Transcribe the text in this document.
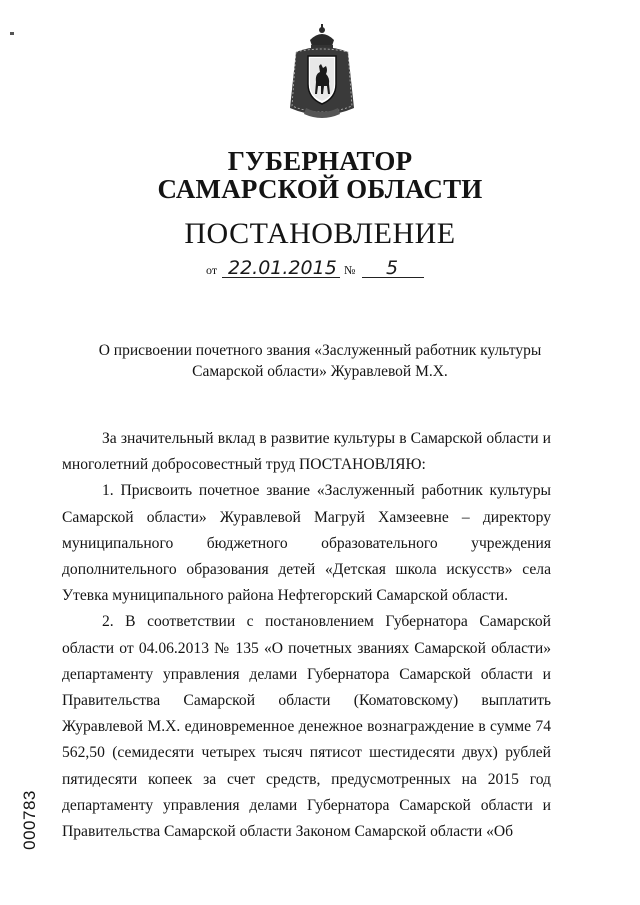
ГУБЕРНАТОР
САМАРСКОЙ ОБЛАСТИ
ПОСТАНОВЛЕНИЕ
от 22.01.2015 № 5
О присвоении почетного звания «Заслуженный работник культуры
Самарской области» Журавлевой М.Х.

За значительный вклад в развитие культуры в Самарской области и многолетний добросовестный труд ПОСТАНОВЛЯЮ:

1. Присвоить почетное звание «Заслуженный работник культуры Самарской области» Журавлевой Магруй Хамзеевне – директору муниципального бюджетного образовательного учреждения дополнительного образования детей «Детская школа искусств» села Утевка муниципального района Нефтегорский Самарской области.

2. В соответствии с постановлением Губернатора Самарской области от 04.06.2013 № 135 «О почетных званиях Самарской области» департаменту управления делами Губернатора Самарской области и Правительства Самарской области (Коматовскому) выплатить Журавлевой М.Х. единовременное денежное вознаграждение в сумме 74 562,50 (семидесяти четырех тысяч пятисот шестидесяти двух) рублей пятидесяти копеек за счет средств, предусмотренных на 2015 год департаменту управления делами Губернатора Самарской области и Правительства Самарской области Законом Самарской области «Об

000783
